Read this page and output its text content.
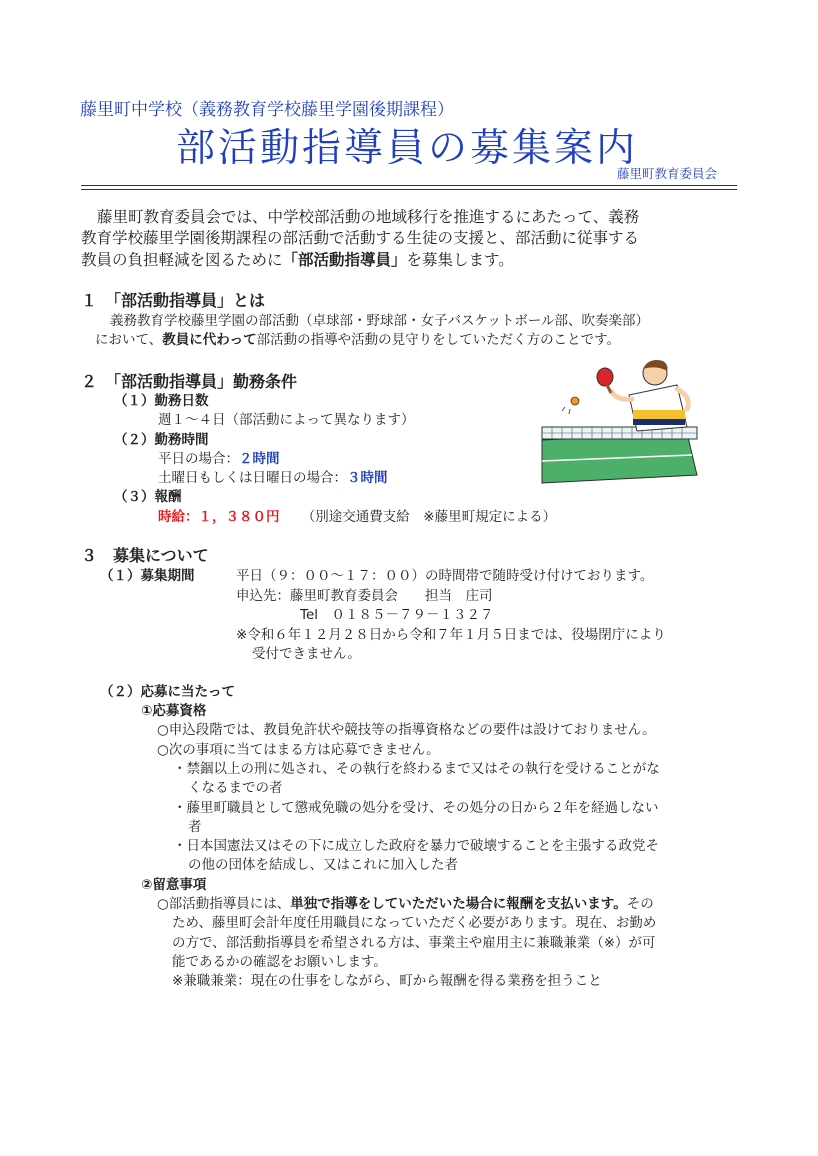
藤里町中学校（義務教育学校藤里学園後期課程）
部活動指導員の募集案内
藤里町教育委員会
藤里町教育委員会では、中学校部活動の地域移行を推進するにあたって、義務
教育学校藤里学園後期課程の部活動で活動する生徒の支援と、部活動に従事する
教員の負担軽減を図るために「部活動指導員」を募集します。
１　「部活動指導員」とは
義務教育学校藤里学園の部活動（卓球部・野球部・女子バスケットボール部、吹奏楽部）
において、教員に代わって部活動の指導や活動の見守りをしていただく方のことです。
２　「部活動指導員」勤務条件
（１）勤務日数
週１～４日（部活動によって異なります）
（２）勤務時間
平日の場合：２時間
土曜日もしくは日曜日の場合：３時間
（３）報酬
時給：１，３８０円 （別途交通費支給　※藤里町規定による）
３　募集について
（１）募集期間	平日（９：００～１７：００）の時間帯で随時受け付けております。
申込先：藤里町教育委員会　　担当　庄司
Tel　０１８５－７９－１３２７
※令和６年１２月２８日から令和７年１月５日までは、役場閉庁により
受付できません。
（２）応募に当たって
①応募資格
○申込段階では、教員免許状や競技等の指導資格などの要件は設けておりません。
○次の事項に当てはまる方は応募できません。
・禁錮以上の刑に処され、その執行を終わるまで又はその執行を受けることがな
くなるまでの者
・藤里町職員として懲戒免職の処分を受け、その処分の日から２年を経過しない
者
・日本国憲法又はその下に成立した政府を暴力で破壊することを主張する政党そ
の他の団体を結成し、又はこれに加入した者
②留意事項
○部活動指導員には、単独で指導をしていただいた場合に報酬を支払います。その
ため、藤里町会計年度任用職員になっていただく必要があります。現在、お勤め
の方で、部活動指導員を希望される方は、事業主や雇用主に兼職兼業（※）が可
能であるかの確認をお願いします。
※兼職兼業：現在の仕事をしながら、町から報酬を得る業務を担うこと
